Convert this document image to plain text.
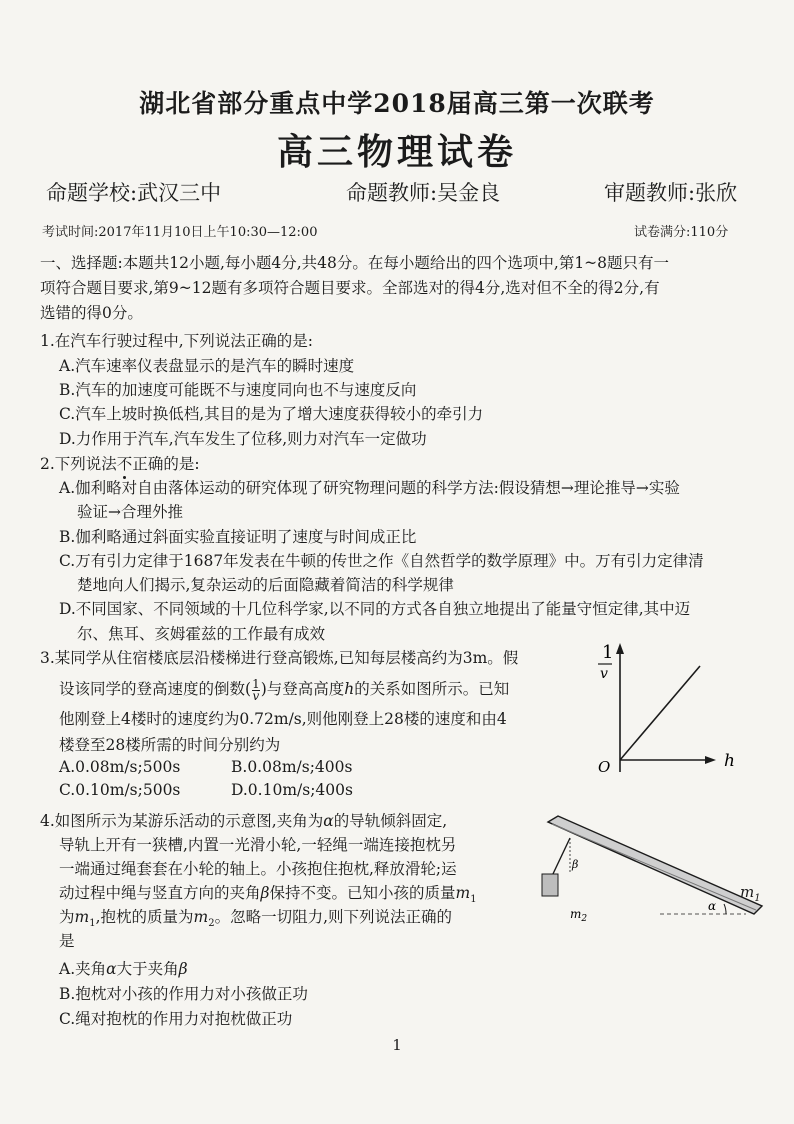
湖北省部分重点中学2018届高三第一次联考
高三物理试卷
命题学校:武汉三中	命题教师:吴金良	审题教师:张欣
考试时间:2017年11月10日上午10:30—12:00	试卷满分:110分
一、选择题:本题共12小题,每小题4分,共48分。在每小题给出的四个选项中,第1~8题只有一
项符合题目要求,第9~12题有多项符合题目要求。全部选对的得4分,选对但不全的得2分,有
选错的得0分。
1.在汽车行驶过程中,下列说法正确的是:
A.汽车速率仪表盘显示的是汽车的瞬时速度
B.汽车的加速度可能既不与速度同向也不与速度反向
C.汽车上坡时换低档,其目的是为了增大速度获得较小的牵引力
D.力作用于汽车,汽车发生了位移,则力对汽车一定做功
2.下列说法不
正确的是:
A.伽利略对自由落体运动的研究体现了研究物理问题的科学方法:假设猜想→理论推导→实验
验证→合理外推
B.伽利略通过斜面实验直接证明了速度与时间成正比
C.万有引力定律于1687年发表在牛顿的传世之作《自然哲学的数学原理》中。万有引力定律清
楚地向人们揭示,复杂运动的后面隐藏着简洁的科学规律
D.不同国家、不同领域的十几位科学家,以不同的方式各自独立地提出了能量守恒定律,其中迈
尔、焦耳、亥姆霍兹的工作最有成效
3.某同学从住宿楼底层沿楼梯进行登高锻炼,已知每层楼高约为3m。假
设该同学的登高速度的倒数( $\frac{1}{v}$ )与登高高度h的关系如图所示。已知
他刚登上4楼时的速度约为0.72m/s,则他刚登上28楼的速度和由4
楼登至28楼所需的时间分别约为
A.0.08m/s;500s	B.0.08m/s;400s
C.0.10m/s;500s	D.0.10m/s;400s
1
v
h
O
4.如图所示为某游乐活动的示意图,夹角为α的导轨倾斜固定,
导轨上开有一狭槽,内置一光滑小轮,一轻绳一端连接抱枕另
一端通过绳套套在小轮的轴上。小孩抱住抱枕,释放滑轮;运
动过程中绳与竖直方向的夹角β保持不变。已知小孩的质量$m_1$
为$m_1$,抱枕的质量为$m_2$。忽略一切阻力,则下列说法正确的
是
A.夹角α大于夹角β
B.抱枕对小孩的作用力对小孩做正功
C.绳对抱枕的作用力对抱枕做正功
β
$m_2$
α
$m_1$
1
